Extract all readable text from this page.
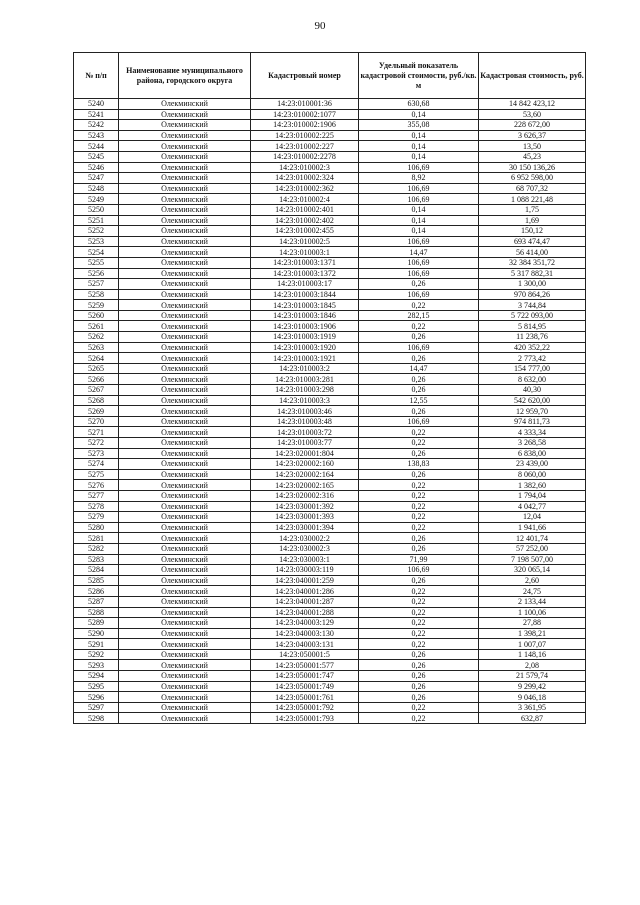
90
№ п/п	Наименование муниципального района, городского округа	Кадастровый номер	Удельный показатель кадастровой стоимости, руб./кв. м	Кадастровая стоимость, руб.
5240	Олекминский	14:23:010001:36	630,68	14 842 423,12
5241	Олекминский	14:23:010002:1077	0,14	53,60
5242	Олекминский	14:23:010002:1906	355,08	228 672,00
5243	Олекминский	14:23:010002:225	0,14	3 626,37
5244	Олекминский	14:23:010002:227	0,14	13,50
5245	Олекминский	14:23:010002:2278	0,14	45,23
5246	Олекминский	14:23:010002:3	106,69	30 150 136,26
5247	Олекминский	14:23:010002:324	8,92	6 952 598,00
5248	Олекминский	14:23:010002:362	106,69	68 707,32
5249	Олекминский	14:23:010002:4	106,69	1 088 221,48
5250	Олекминский	14:23:010002:401	0,14	1,75
5251	Олекминский	14:23:010002:402	0,14	1,69
5252	Олекминский	14:23:010002:455	0,14	150,12
5253	Олекминский	14:23:010002:5	106,69	693 474,47
5254	Олекминский	14:23:010003:1	14,47	56 414,00
5255	Олекминский	14:23:010003:1371	106,69	32 384 351,72
5256	Олекминский	14:23:010003:1372	106,69	5 317 882,31
5257	Олекминский	14:23:010003:17	0,26	1 300,00
5258	Олекминский	14:23:010003:1844	106,69	970 864,26
5259	Олекминский	14:23:010003:1845	0,22	3 744,84
5260	Олекминский	14:23:010003:1846	282,15	5 722 093,00
5261	Олекминский	14:23:010003:1906	0,22	5 814,95
5262	Олекминский	14:23:010003:1919	0,26	11 238,76
5263	Олекминский	14:23:010003:1920	106,69	420 352,22
5264	Олекминский	14:23:010003:1921	0,26	2 773,42
5265	Олекминский	14:23:010003:2	14,47	154 777,00
5266	Олекминский	14:23:010003:281	0,26	8 632,00
5267	Олекминский	14:23:010003:298	0,26	40,30
5268	Олекминский	14:23:010003:3	12,55	542 620,00
5269	Олекминский	14:23:010003:46	0,26	12 959,70
5270	Олекминский	14:23:010003:48	106,69	974 811,73
5271	Олекминский	14:23:010003:72	0,22	4 333,34
5272	Олекминский	14:23:010003:77	0,22	3 268,58
5273	Олекминский	14:23:020001:804	0,26	6 838,00
5274	Олекминский	14:23:020002:160	138,83	23 439,00
5275	Олекминский	14:23:020002:164	0,26	8 060,00
5276	Олекминский	14:23:020002:165	0,22	1 382,60
5277	Олекминский	14:23:020002:316	0,22	1 794,04
5278	Олекминский	14:23:030001:392	0,22	4 042,77
5279	Олекминский	14:23:030001:393	0,22	12,04
5280	Олекминский	14:23:030001:394	0,22	1 941,66
5281	Олекминский	14:23:030002:2	0,26	12 401,74
5282	Олекминский	14:23:030002:3	0,26	57 252,00
5283	Олекминский	14:23:030003:1	71,99	7 198 507,00
5284	Олекминский	14:23:030003:119	106,69	320 065,14
5285	Олекминский	14:23:040001:259	0,26	2,60
5286	Олекминский	14:23:040001:286	0,22	24,75
5287	Олекминский	14:23:040001:287	0,22	2 133,44
5288	Олекминский	14:23:040001:288	0,22	1 100,06
5289	Олекминский	14:23:040003:129	0,22	27,88
5290	Олекминский	14:23:040003:130	0,22	1 398,21
5291	Олекминский	14:23:040003:131	0,22	1 007,07
5292	Олекминский	14:23:050001:5	0,26	1 148,16
5293	Олекминский	14:23:050001:577	0,26	2,08
5294	Олекминский	14:23:050001:747	0,26	21 579,74
5295	Олекминский	14:23:050001:749	0,26	9 299,42
5296	Олекминский	14:23:050001:761	0,26	9 046,18
5297	Олекминский	14:23:050001:792	0,22	3 361,95
5298	Олекминский	14:23:050001:793	0,22	632,87
